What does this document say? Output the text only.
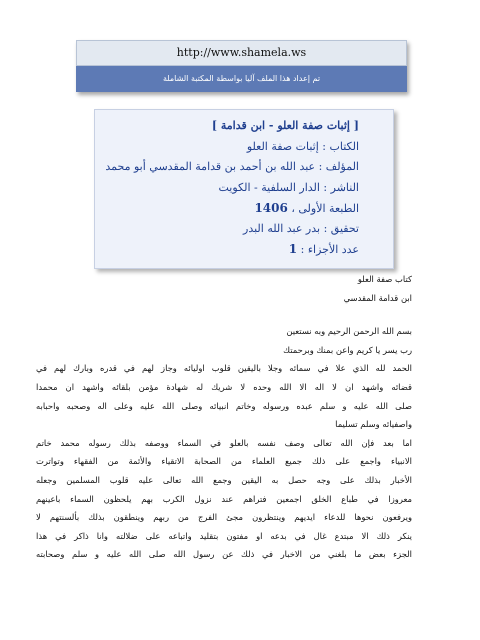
http://www.shamela.ws
تم إعداد هذا الملف آليا بواسطة المكتبة الشاملة
[ إثبات صفة العلو - ابن قدامة ]
الكتاب : إثبات صفة العلو
المؤلف : عبد الله بن أحمد بن قدامة المقدسي أبو محمد
الناشر : الدار السلفية - الكويت
الطبعة الأولى ، 1406
تحقيق : بدر عبد الله البدر
عدد الأجزاء : 1
كتاب صفة العلو
ابن قدامة المقدسي
بسم الله الرحمن الرحيم وبه نستعين
رب يسر يا كريم واعن بمنك وبرحمتك
الحمد لله الذي علا في سمائه وجلا باليقين قلوب اوليائه وجاز لهم في قدره وبارك لهم في
قضائه واشهد ان لا اله الا الله وحده لا شريك له شهادة مؤمن بلقائه واشهد ان محمدا
صلى الله عليه و سلم عبده ورسوله وخاتم انبيائه وصلى الله عليه وعلى اله وصحبه واحبابه
واصفيائه وسلم تسليما
اما بعد فإن الله تعالى وصف نفسه بالعلو في السماء ووصفه بذلك رسوله محمد خاتم
الانبياء واجمع على ذلك جميع العلماء من الصحابة الاتقياء والأئمة من الفقهاء وتواترت
الأخبار بذلك على وجه حصل به اليقين وجمع الله تعالى عليه قلوب المسلمين وجعله
معروزا في طباع الخلق اجمعين فتراهم عند نزول الكرب بهم يلحظون السماء باعينهم
ويرفعون نحوها للدعاء ايديهم وينتظرون مجئ الفرج من ربهم وينطقون بذلك بألسنتهم لا
ينكر ذلك الا مبتدع غال في بدعه او مفتون بتقليد واتباعه على ضلالته وانا ذاكر في هذا
الجزء بعض ما بلغني من الاخبار في ذلك عن رسول الله صلى الله عليه و سلم وصحابته
